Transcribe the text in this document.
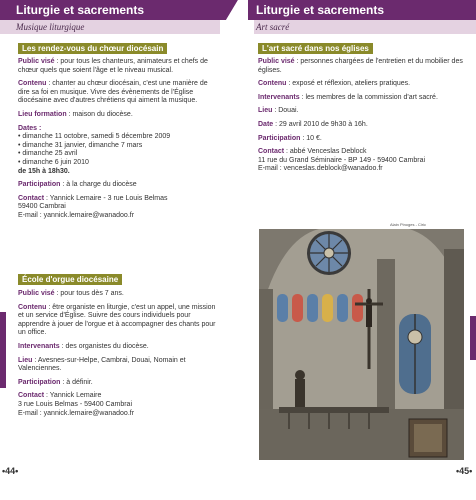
Liturgie et sacrements
Musique liturgique
Les rendez-vous du chœur diocésain
Public visé : pour tous les chanteurs, animateurs et chefs de chœur quels que soient l'âge et le niveau musical.
Contenu : chanter au chœur diocésain, c'est une manière de dire sa foi en musique. Vivre des évènements de l'Église diocésaine avec d'autres chrétiens qui aiment la musique.
Lieu formation : maison du diocèse.
Dates :
• dimanche 11 octobre, samedi 5 décembre 2009
• dimanche 31 janvier, dimanche 7 mars
• dimanche 25 avril
• dimanche 6 juin 2010
de 15h à 18h30.
Participation : à la charge du diocèse
Contact : Yannick Lemaire - 3 rue Louis Belmas
59400 Cambrai
E-mail : yannick.lemaire@wanadoo.fr
École d'orgue diocésaine
Public visé : pour tous dès 7 ans.
Contenu : être organiste en liturgie, c'est un appel, une mission et un service d'Église. Suivre des cours individuels pour apprendre à jouer de l'orgue et à accompagner des chants pour un office.
Intervenants : des organistes du diocèse.
Lieu : Avesnes-sur-Helpe, Cambrai, Douai, Nomain et Valenciennes.
Participation : à définir.
Contact : Yannick Lemaire
3 rue Louis Belmas - 59400 Cambrai
E-mail : yannick.lemaire@wanadoo.fr
•44•
Liturgie et sacrements
Art sacré
L'art sacré dans nos églises
Public visé : personnes chargées de l'entretien et du mobilier des églises.
Contenu : exposé et réflexion, ateliers pratiques.
Intervenants : les membres de la commission d'art sacré.
Lieu : Douai.
Date : 29 avril 2010 de 9h30 à 16h.
Participation : 10 €.
Contact : abbé Venceslas Deblock
11 rue du Grand Séminaire - BP 149 - 59400 Cambrai
E-mail : venceslas.deblock@wanadoo.fr
•45•
Alain Pinoges - Ciric
